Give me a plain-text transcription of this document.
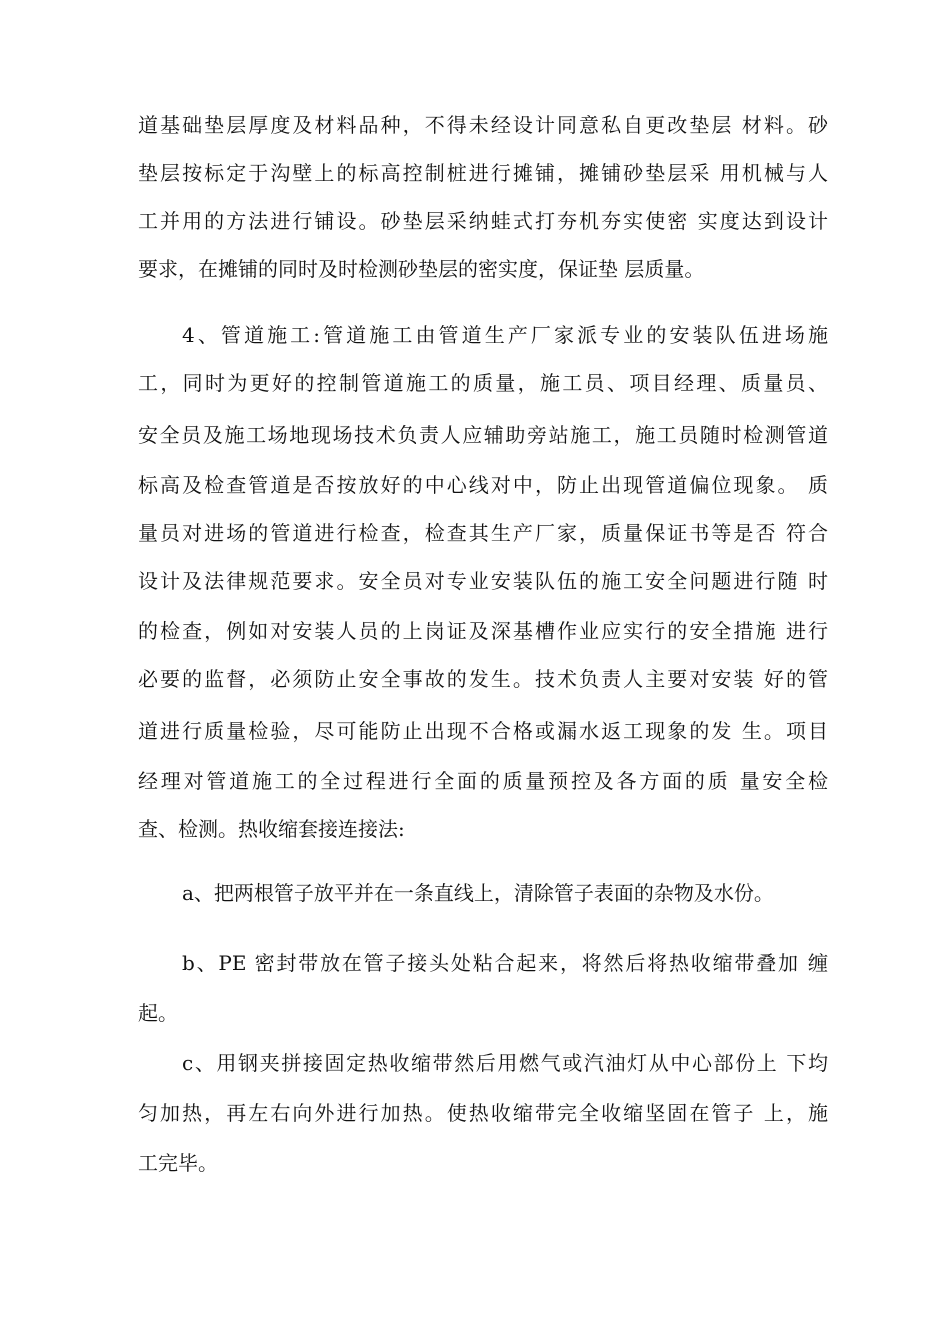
道基础垫层厚度及材料品种，不得未经设计同意私自更改垫层 材料。砂
垫层按标定于沟壁上的标高控制桩进行摊铺，摊铺砂垫层采 用机械与人
工并用的方法进行铺设。砂垫层采纳蛙式打夯机夯实使密 实度达到设计
要求，在摊铺的同时及时检测砂垫层的密实度，保证垫 层质量。
4、管道施工:管道施工由管道生产厂家派专业的安装队伍进场施
工，同时为更好的控制管道施工的质量，施工员、项目经理、质量员、
安全员及施工场地现场技术负责人应辅助旁站施工，施工员随时检测管道
标高及检查管道是否按放好的中心线对中，防止出现管道偏位现象。 质
量员对进场的管道进行检查，检查其生产厂家，质量保证书等是否 符合
设计及法律规范要求。安全员对专业安装队伍的施工安全问题进行随 时
的检查，例如对安装人员的上岗证及深基槽作业应实行的安全措施 进行
必要的监督，必须防止安全事故的发生。技术负责人主要对安装 好的管
道进行质量检验，尽可能防止出现不合格或漏水返工现象的发 生。项目
经理对管道施工的全过程进行全面的质量预控及各方面的质 量安全检
查、检测。热收缩套接连接法:
a、把两根管子放平并在一条直线上，清除管子表面的杂物及水份。
b、PE 密封带放在管子接头处粘合起来，将然后将热收缩带叠加 缠
起。
c、用钢夹拼接固定热收缩带然后用燃气或汽油灯从中心部份上 下均
匀加热，再左右向外进行加热。使热收缩带完全收缩坚固在管子 上，施
工完毕。
